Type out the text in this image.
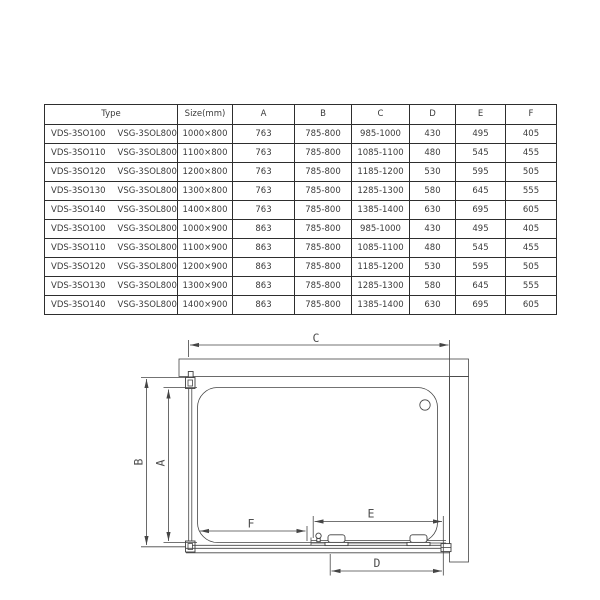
Type	Size(mm)	A	B	C	D	E	F
VDS-3SO100 VSG-3SOL800	1000×800	763	785-800	985-1000	430	495	405
VDS-3SO110 VSG-3SOL800	1100×800	763	785-800	1085-1100	480	545	455
VDS-3SO120 VSG-3SOL800	1200×800	763	785-800	1185-1200	530	595	505
VDS-3SO130 VSG-3SOL800	1300×800	763	785-800	1285-1300	580	645	555
VDS-3SO140 VSG-3SOL800	1400×800	763	785-800	1385-1400	630	695	605
VDS-3SO100 VSG-3SOL800	1000×900	863	785-800	985-1000	430	495	405
VDS-3SO110 VSG-3SOL800	1100×900	863	785-800	1085-1100	480	545	455
VDS-3SO120 VSG-3SOL800	1200×900	863	785-800	1185-1200	530	595	505
VDS-3SO130 VSG-3SOL800	1300×900	863	785-800	1285-1300	580	645	555
VDS-3SO140 VSG-3SOL800	1400×900	863	785-800	1385-1400	630	695	605
C
B A
F
E
D
